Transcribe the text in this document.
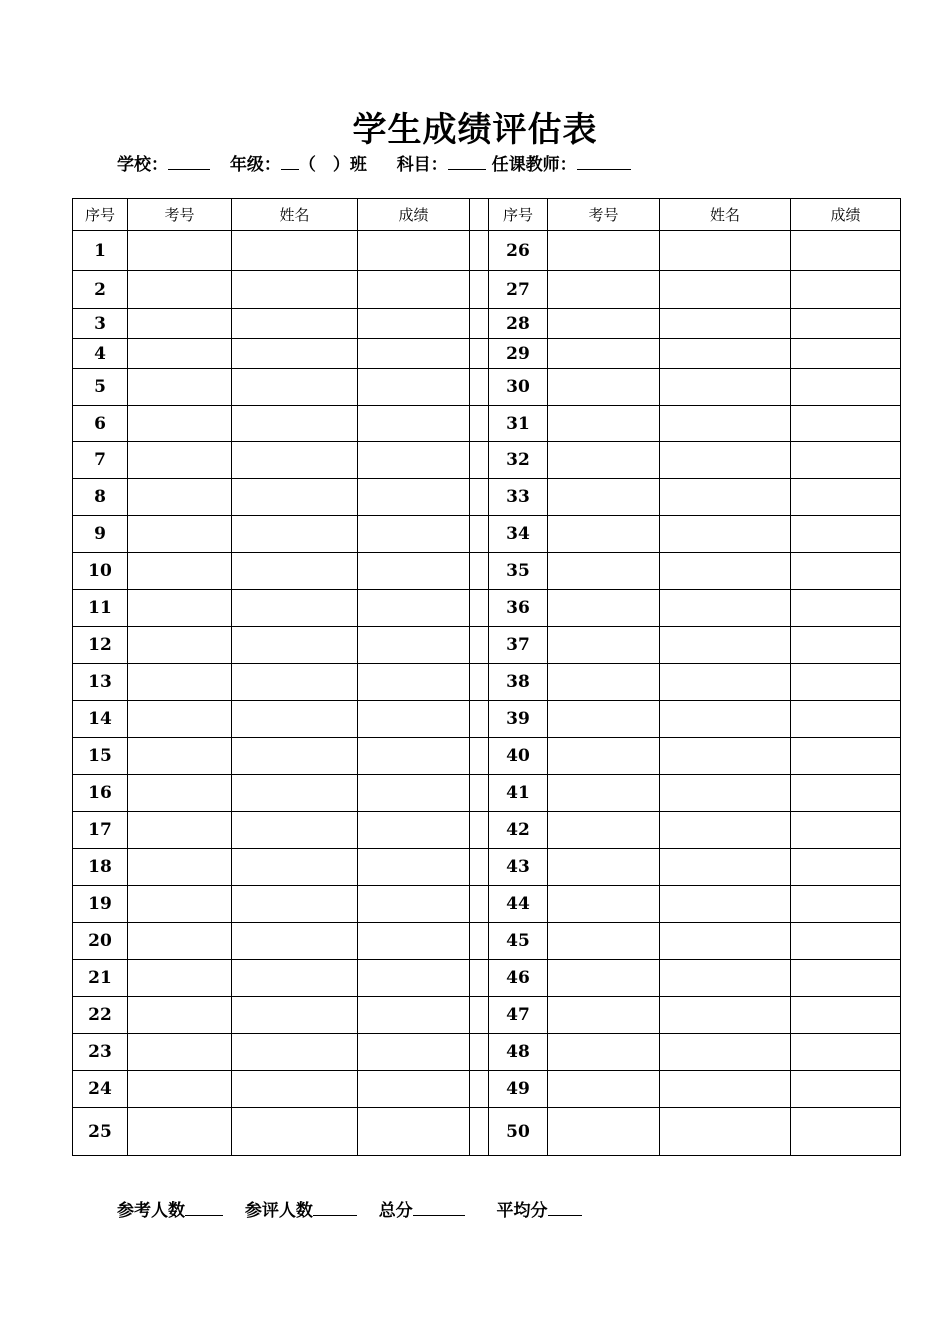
学生成绩评估表
学校：	年级： （　）班 科目：	任课教师：
序号	考号	姓名	成绩		序号	考号	姓名	成绩
1					26			
2					27			
3					28			
4					29			
5					30			
6					31			
7					32			
8					33			
9					34			
10					35			
11					36			
12					37			
13					38			
14					39			
15					40			
16					41			
17					42			
18					43			
19					44			
20					45			
21					46			
22					47			
23					48			
24					49			
25					50			
参考人数	参评人数	总分	平均分
